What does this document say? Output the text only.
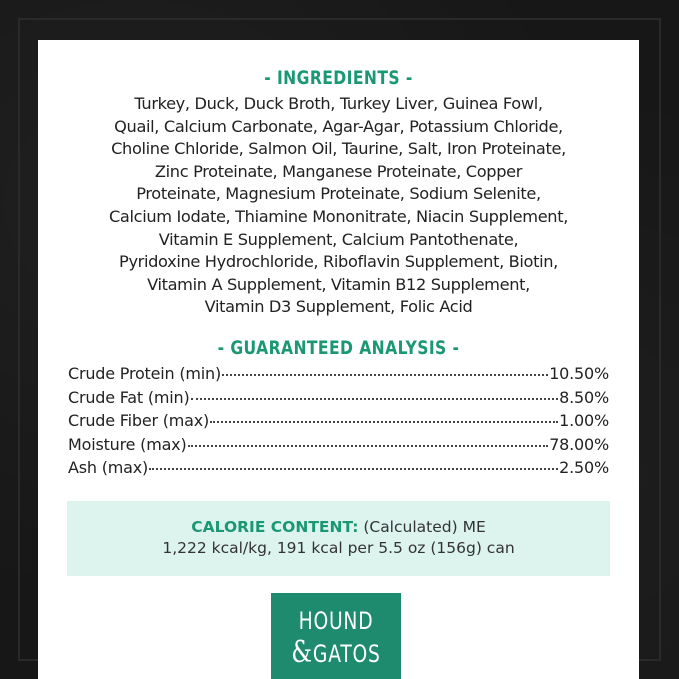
- INGREDIENTS -
Turkey, Duck, Duck Broth, Turkey Liver, Guinea Fowl,
Quail, Calcium Carbonate, Agar-Agar, Potassium Chloride,
Choline Chloride, Salmon Oil, Taurine, Salt, Iron Proteinate,
Zinc Proteinate, Manganese Proteinate, Copper
Proteinate, Magnesium Proteinate, Sodium Selenite,
Calcium Iodate, Thiamine Mononitrate, Niacin Supplement,
Vitamin E Supplement, Calcium Pantothenate,
Pyridoxine Hydrochloride, Riboflavin Supplement, Biotin,
Vitamin A Supplement, Vitamin B12 Supplement,
Vitamin D3 Supplement, Folic Acid
- GUARANTEED ANALYSIS -
Crude Protein (min)	10.50%
Crude Fat (min)	8.50%
Crude Fiber (max)	1.00%
Moisture (max)	78.00%
Ash (max)	2.50%
CALORIE CONTENT: (Calculated) ME
1,222 kcal/kg, 191 kcal per 5.5 oz (156g) can
HOUND
&GATOS
